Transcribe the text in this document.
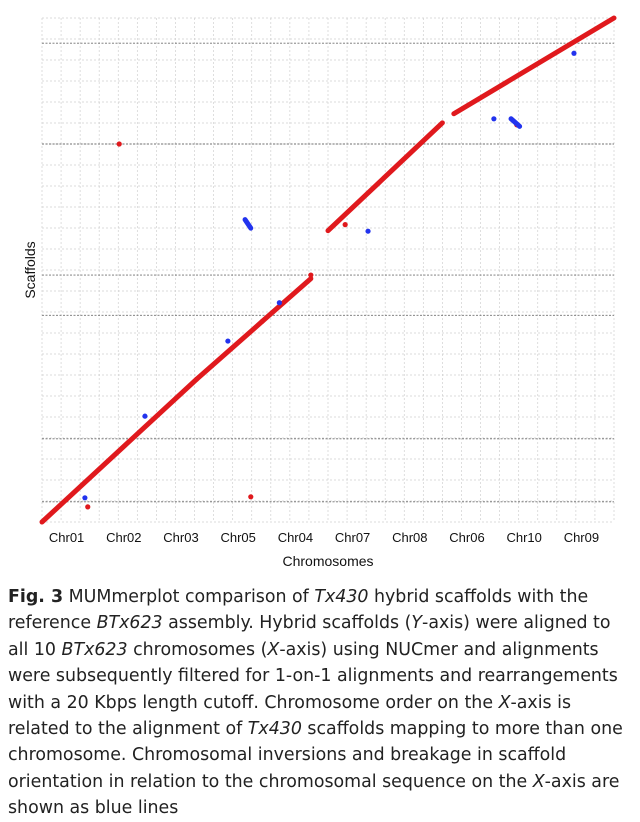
Chr01 Chr02 Chr03 Chr05 Chr04 Chr07 Chr08 Chr06 Chr10 Chr09
Chromosomes
Scaffolds
Fig. 3 MUMmerplot comparison of Tx430 hybrid scaffolds with the reference BTx623 assembly. Hybrid scaffolds (Y-axis) were aligned to all 10 BTx623 chromosomes (X-axis) using NUCmer and alignments were subsequently filtered for 1-on-1 alignments and rearrangements with a 20 Kbps length cutoff. Chromosome order on the X-axis is related to the alignment of Tx430 scaffolds mapping to more than one chromosome. Chromosomal inversions and breakage in scaffold orientation in relation to the chromosomal sequence on the X-axis are shown as blue lines
